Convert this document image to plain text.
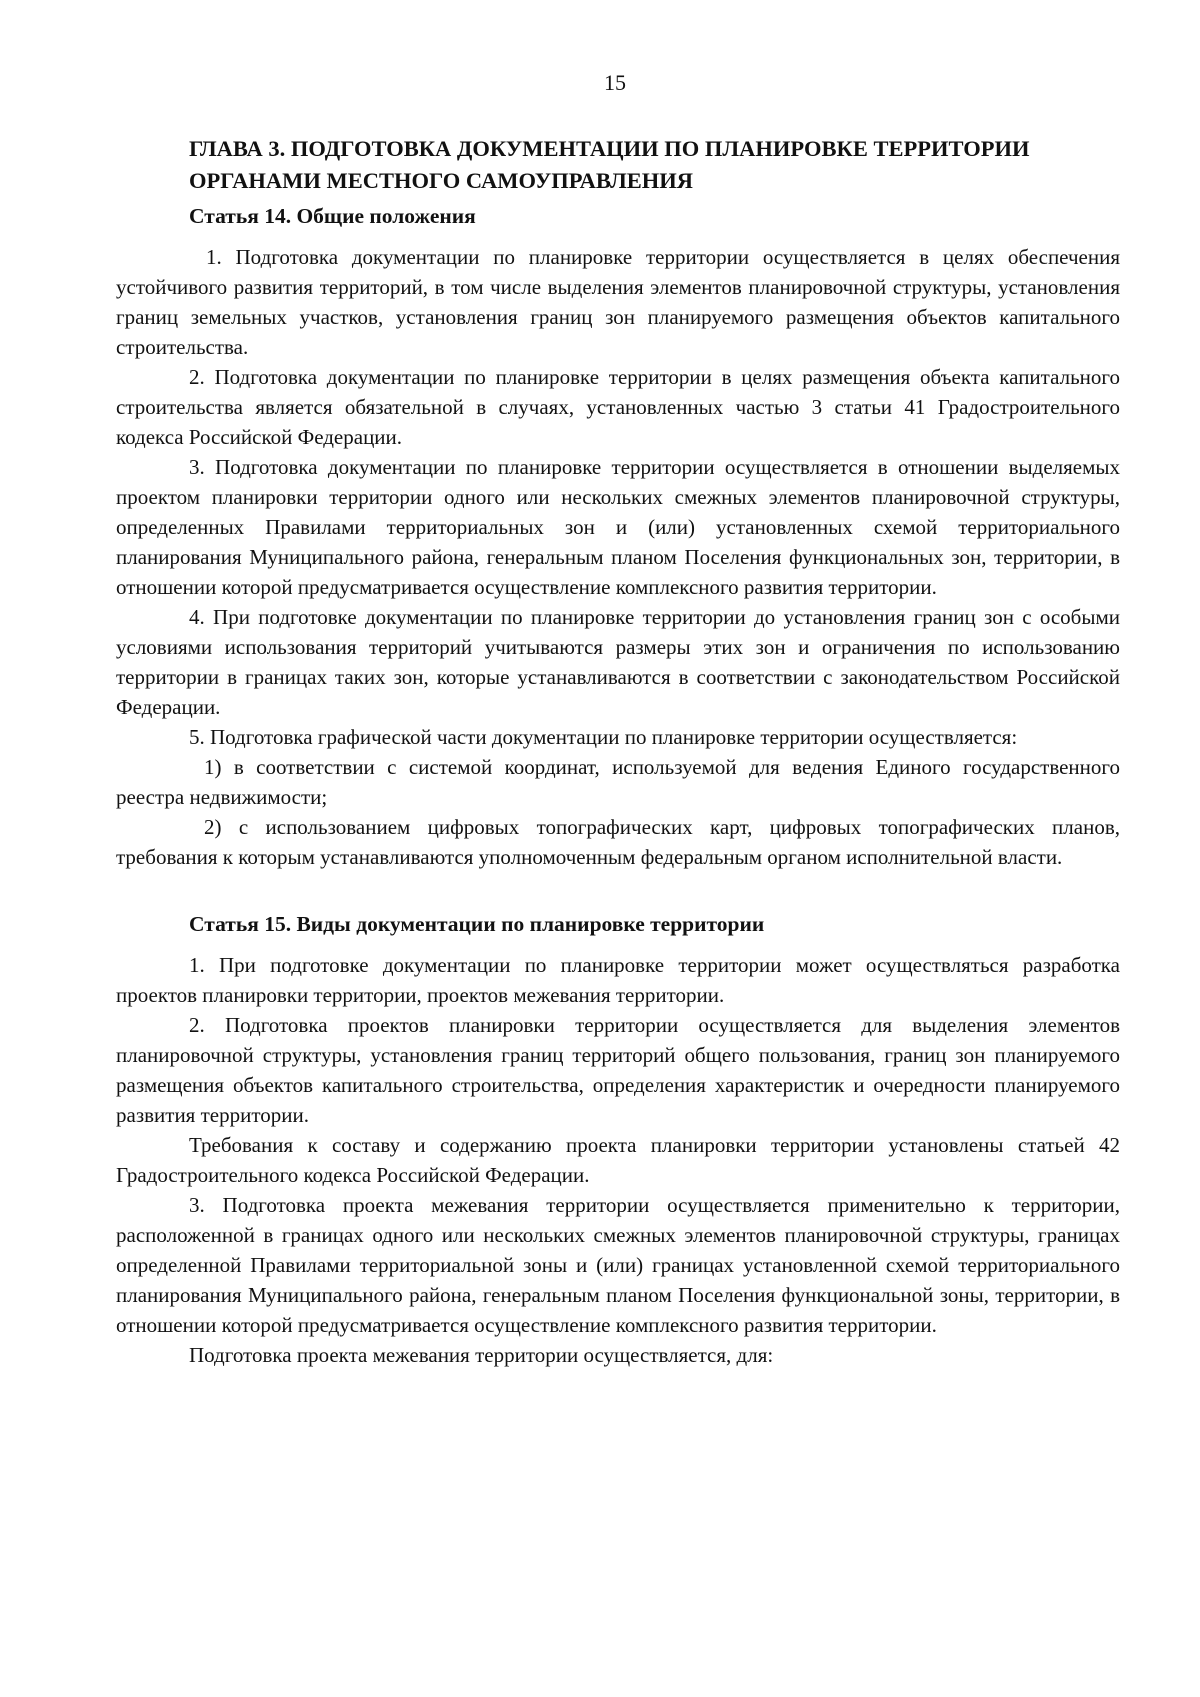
15
ГЛАВА 3. ПОДГОТОВКА ДОКУМЕНТАЦИИ ПО ПЛАНИРОВКЕ ТЕРРИТОРИИ ОРГАНАМИ МЕСТНОГО САМОУПРАВЛЕНИЯ
Статья 14. Общие положения

1. Подготовка документации по планировке территории осуществляется в целях обеспечения устойчивого развития территорий, в том числе выделения элементов планировочной структуры, установления границ земельных участков, установления границ зон планируемого размещения объектов капитального строительства.

2. Подготовка документации по планировке территории в целях размещения объекта капитального строительства является обязательной в случаях, установленных частью 3 статьи 41 Градостроительного кодекса Российской Федерации.

3. Подготовка документации по планировке территории осуществляется в отношении выделяемых проектом планировки территории одного или нескольких смежных элементов планировочной структуры, определенных Правилами территориальных зон и (или) установленных схемой территориального планирования Муниципального района, генеральным планом Поселения функциональных зон, территории, в отношении которой предусматривается осуществление комплексного развития территории.

4. При подготовке документации по планировке территории до установления границ зон с особыми условиями использования территорий учитываются размеры этих зон и ограничения по использованию территории в границах таких зон, которые устанавливаются в соответствии с законодательством Российской Федерации.

5. Подготовка графической части документации по планировке территории осуществляется:

1) в соответствии с системой координат, используемой для ведения Единого государственного реестра недвижимости;

2) с использованием цифровых топографических карт, цифровых топографических планов, требования к которым устанавливаются уполномоченным федеральным органом исполнительной власти.

Статья 15. Виды документации по планировке территории

1. При подготовке документации по планировке территории может осуществляться разработка проектов планировки территории, проектов межевания территории.

2. Подготовка проектов планировки территории осуществляется для выделения элементов планировочной структуры, установления границ территорий общего пользования, границ зон планируемого размещения объектов капитального строительства, определения характеристик и очередности планируемого развития территории.

Требования к составу и содержанию проекта планировки территории установлены статьей 42 Градостроительного кодекса Российской Федерации.

3. Подготовка проекта межевания территории осуществляется применительно к территории, расположенной в границах одного или нескольких смежных элементов планировочной структуры, границах определенной Правилами территориальной зоны и (или) границах установленной схемой территориального планирования Муниципального района, генеральным планом Поселения функциональной зоны, территории, в отношении которой предусматривается осуществление комплексного развития территории.

Подготовка проекта межевания территории осуществляется, для:
